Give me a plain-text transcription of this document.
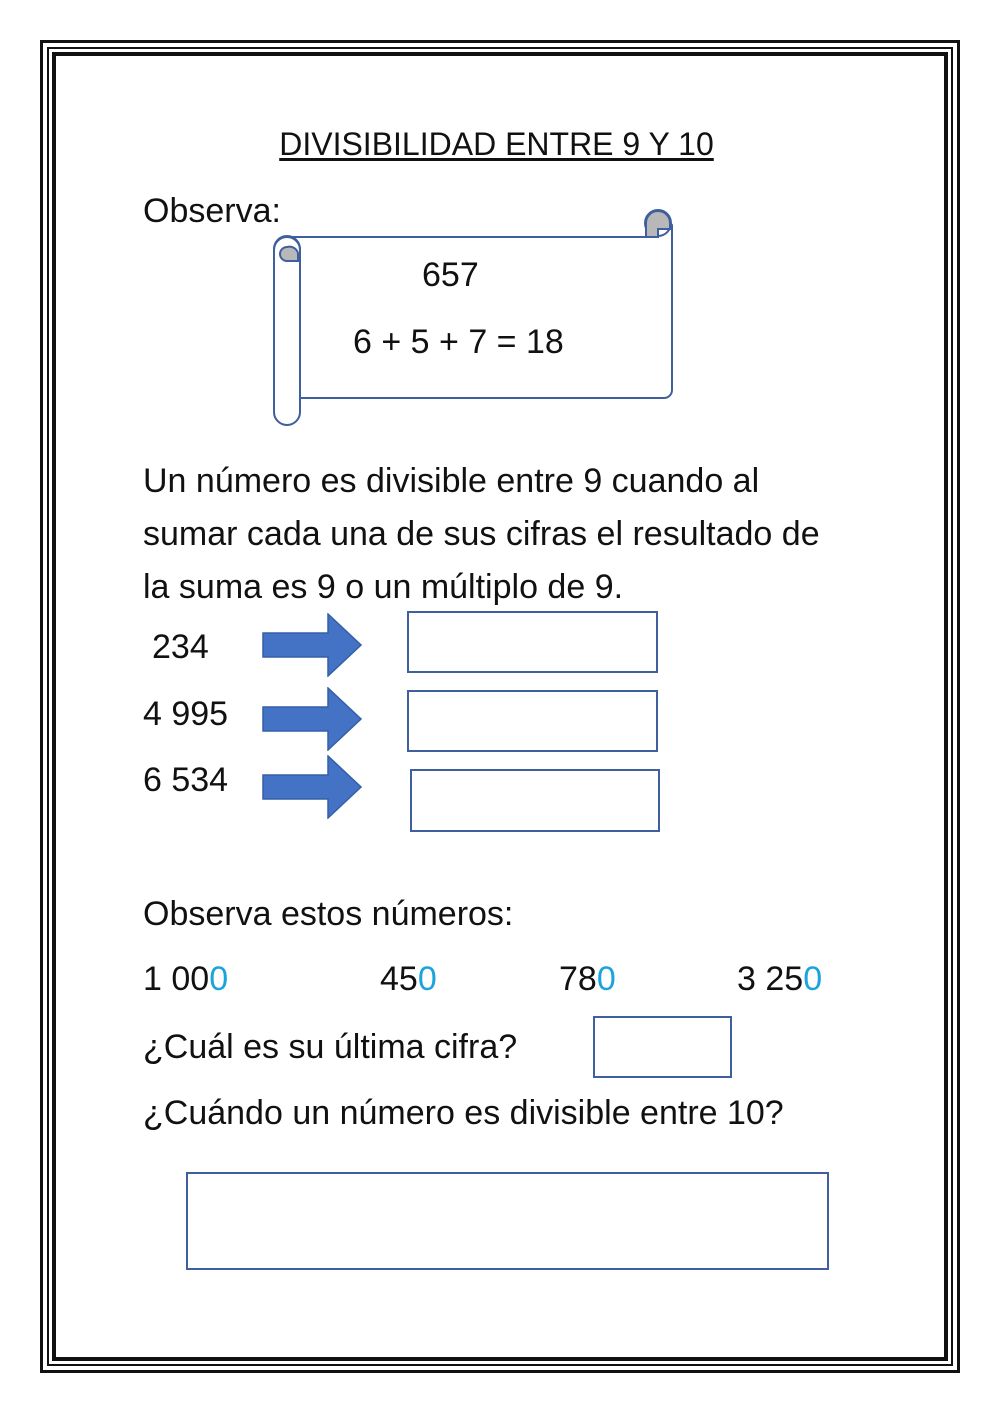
DIVISIBILIDAD ENTRE 9 Y 10
Observa:
657
6 + 5 + 7 = 18
Un número es divisible entre 9 cuando al sumar cada una de sus cifras el resultado de la suma es 9 o un múltiplo de 9.
234
4 995
6 534
Observa estos números:
1 000	450	780	3 250
¿Cuál es su última cifra?
¿Cuándo un número es divisible entre 10?
